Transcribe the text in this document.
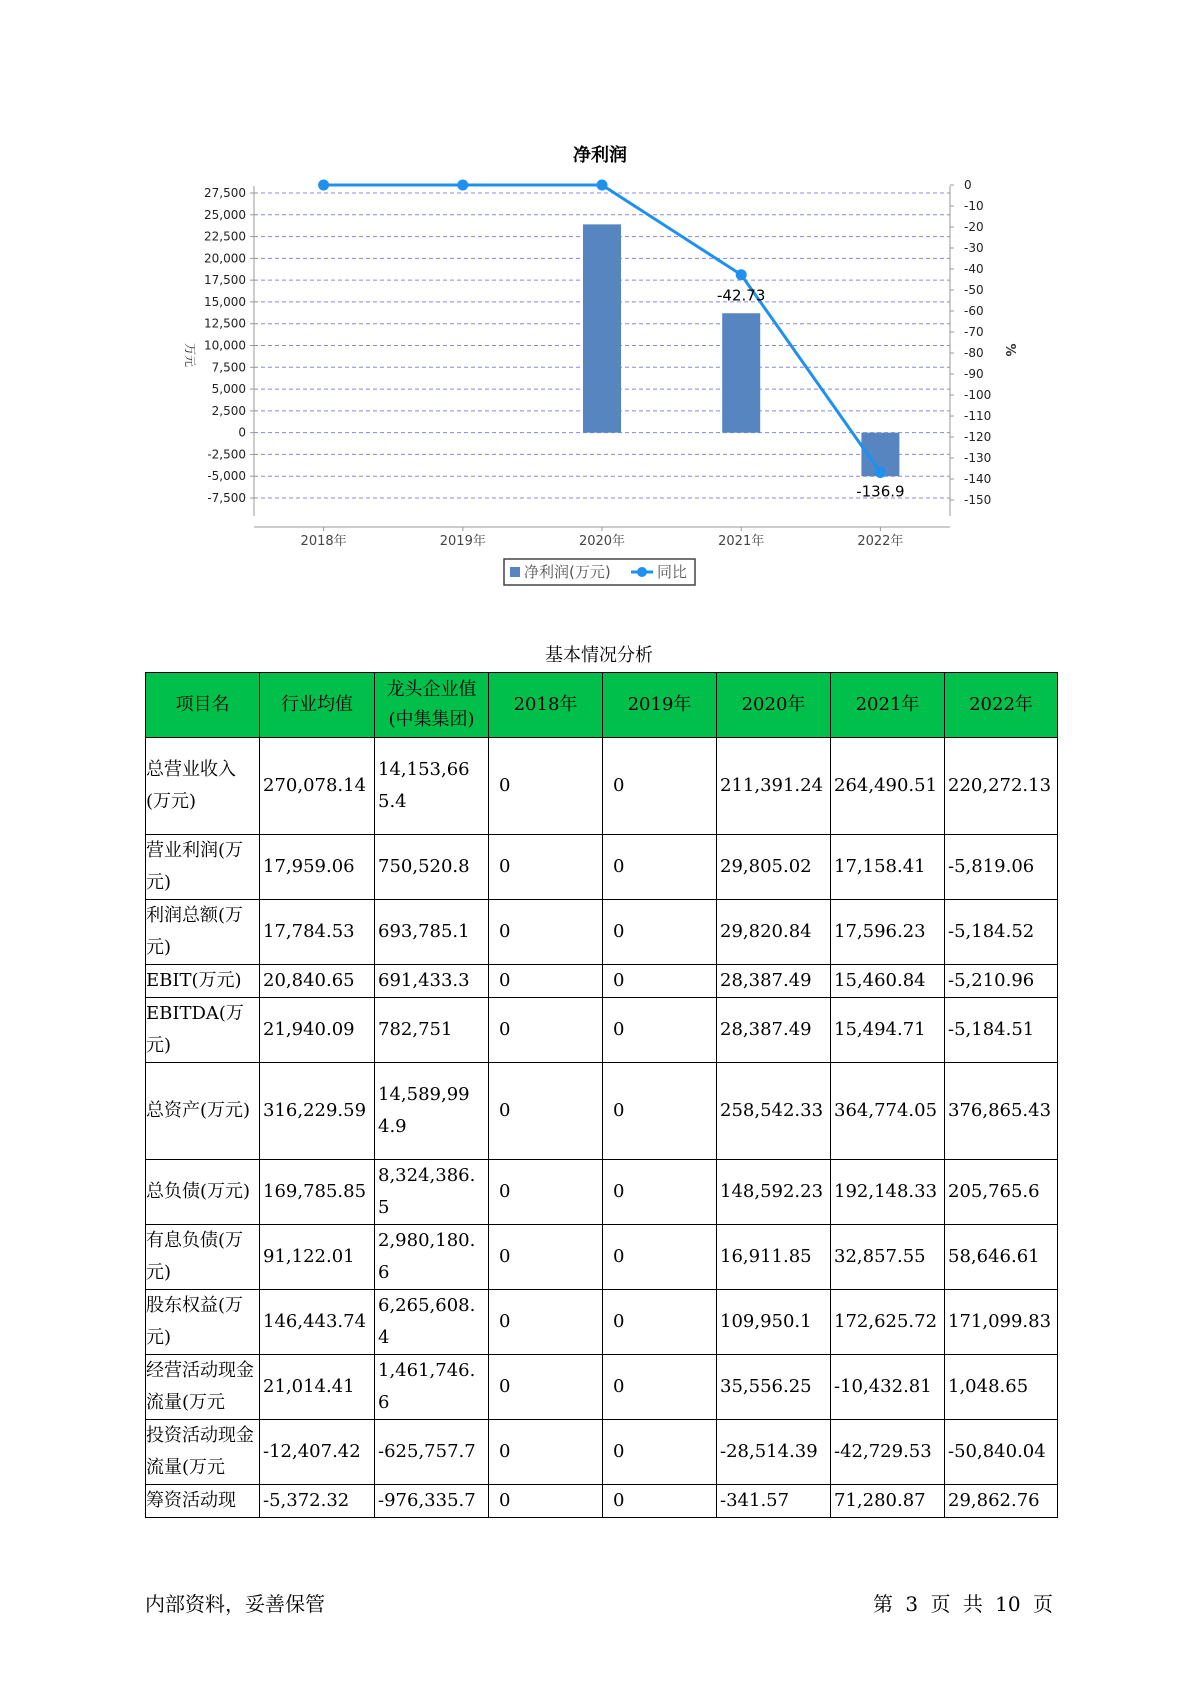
净利润
万元	%
27,500
25,000
22,500
20,000
17,500
15,000
12,500
10,000
7,500
5,000
2,500
0
-2,500
-5,000
-7,500
0
-10
-20
-30
-40
-50
-60
-70
-80
-90
-100
-110
-120
-130
-140
-150
2018年	2019年	2020年	2021年	2022年
-42.73
-136.9
净利润(万元)	同比
基本情况分析
项目名	行业均值	龙头企业值(中集集团)	2018年	2019年	2020年	2021年	2022年
总营业收入(万元)	270,078.14	14,153,665.4	0	0	211,391.24	264,490.51	220,272.13
营业利润(万元)	17,959.06	750,520.8	0	0	29,805.02	17,158.41	-5,819.06
利润总额(万元)	17,784.53	693,785.1	0	0	29,820.84	17,596.23	-5,184.52
EBIT(万元)	20,840.65	691,433.3	0	0	28,387.49	15,460.84	-5,210.96
EBITDA(万元)	21,940.09	782,751	0	0	28,387.49	15,494.71	-5,184.51
总资产(万元)	316,229.59	14,589,994.9	0	0	258,542.33	364,774.05	376,865.43
总负债(万元)	169,785.85	8,324,386.5	0	0	148,592.23	192,148.33	205,765.6
有息负债(万元)	91,122.01	2,980,180.6	0	0	16,911.85	32,857.55	58,646.61
股东权益(万元)	146,443.74	6,265,608.4	0	0	109,950.1	172,625.72	171,099.83
经营活动现金流量(万元	21,014.41	1,461,746.6	0	0	35,556.25	-10,432.81	1,048.65
投资活动现金流量(万元	-12,407.42	-625,757.7	0	0	-28,514.39	-42,729.53	-50,840.04
筹资活动现	-5,372.32	-976,335.7	0	0	-341.57	71,280.87	29,862.76
内部资料，妥善保管	第 3 页 共 10 页
